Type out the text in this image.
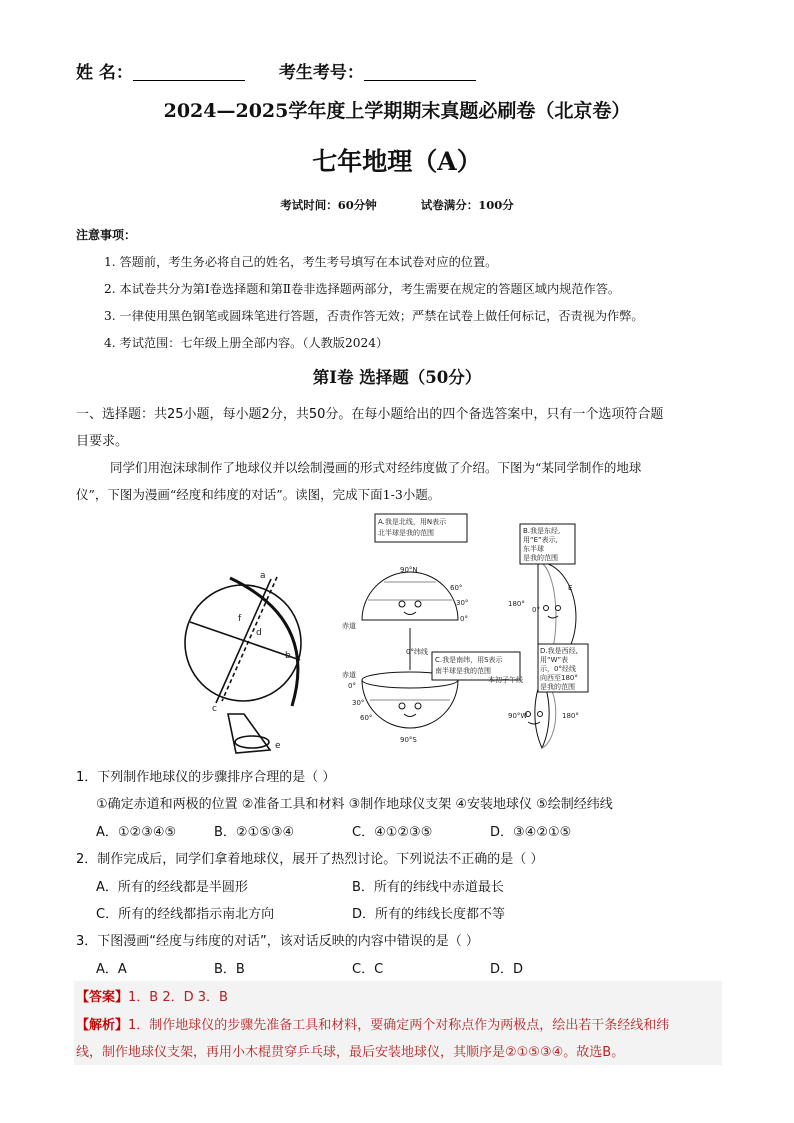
姓 名：	考生考号：
2024—2025学年度上学期期末真题必刷卷（北京卷）
七年地理（A）
考试时间：60分钟	试卷满分：100分
注意事项：
1. 答题前，考生务必将自己的姓名，考生考号填写在本试卷对应的位置。
2. 本试卷共分为第Ⅰ卷选择题和第Ⅱ卷非选择题两部分，考生需要在规定的答题区域内规范作答。
3. 一律使用黑色钢笔或圆珠笔进行答题，否责作答无效；严禁在试卷上做任何标记，否责视为作弊。
4. 考试范围：七年级上册全部内容。（人教版2024）
第Ⅰ卷 选择题（50分）
一、选择题：共25小题，每小题2分，共50分。在每小题给出的四个备选答案中，只有一个选项符合题
目要求。
同学们用泡沫球制作了地球仪并以绘制漫画的形式对经纬度做了介绍。下图为“某同学制作的地球
仪”，下图为漫画“经度和纬度的对话”。读图，完成下面1-3小题。
a
b
c
d
e
f
A.我是北线，用N表示
北半球是我的范围
90°N
60°
30°
0°
赤道
0°纬线
C.我是南纬，用S表示
南半球是我的范围
赤道
0°
30°
60°
90°S
B.我是东经,
用“E”表示,
东半球
是我的范围
180°
0°
E
本初子午线
D.我是西经,
用“W”表
示，0°经线
向西至180°
是我的范围
90°W	180°
1．下列制作地球仪的步骤排序合理的是（ ）
①确定赤道和两极的位置 ②准备工具和材料 ③制作地球仪支架 ④安装地球仪 ⑤绘制经纬线
A．①②③④⑤	B．②①⑤③④	C．④①②③⑤	D．③④②①⑤
2．制作完成后，同学们拿着地球仪，展开了热烈讨论。下列说法不正确的是（ ）
A．所有的经线都是半圆形	B．所有的纬线中赤道最长
C．所有的经线都指示南北方向	D．所有的纬线长度都不等
3．下图漫画“经度与纬度的对话”，该对话反映的内容中错误的是（ ）
A．A	B．B	C．C	D．D
【答案】1．B 2．D 3．B
【解析】1．制作地球仪的步骤先准备工具和材料，要确定两个对称点作为两极点，绘出若干条经线和纬
线，制作地球仪支架，再用小木棍贯穿乒乓球，最后安装地球仪，其顺序是②①⑤③④。故选B。
